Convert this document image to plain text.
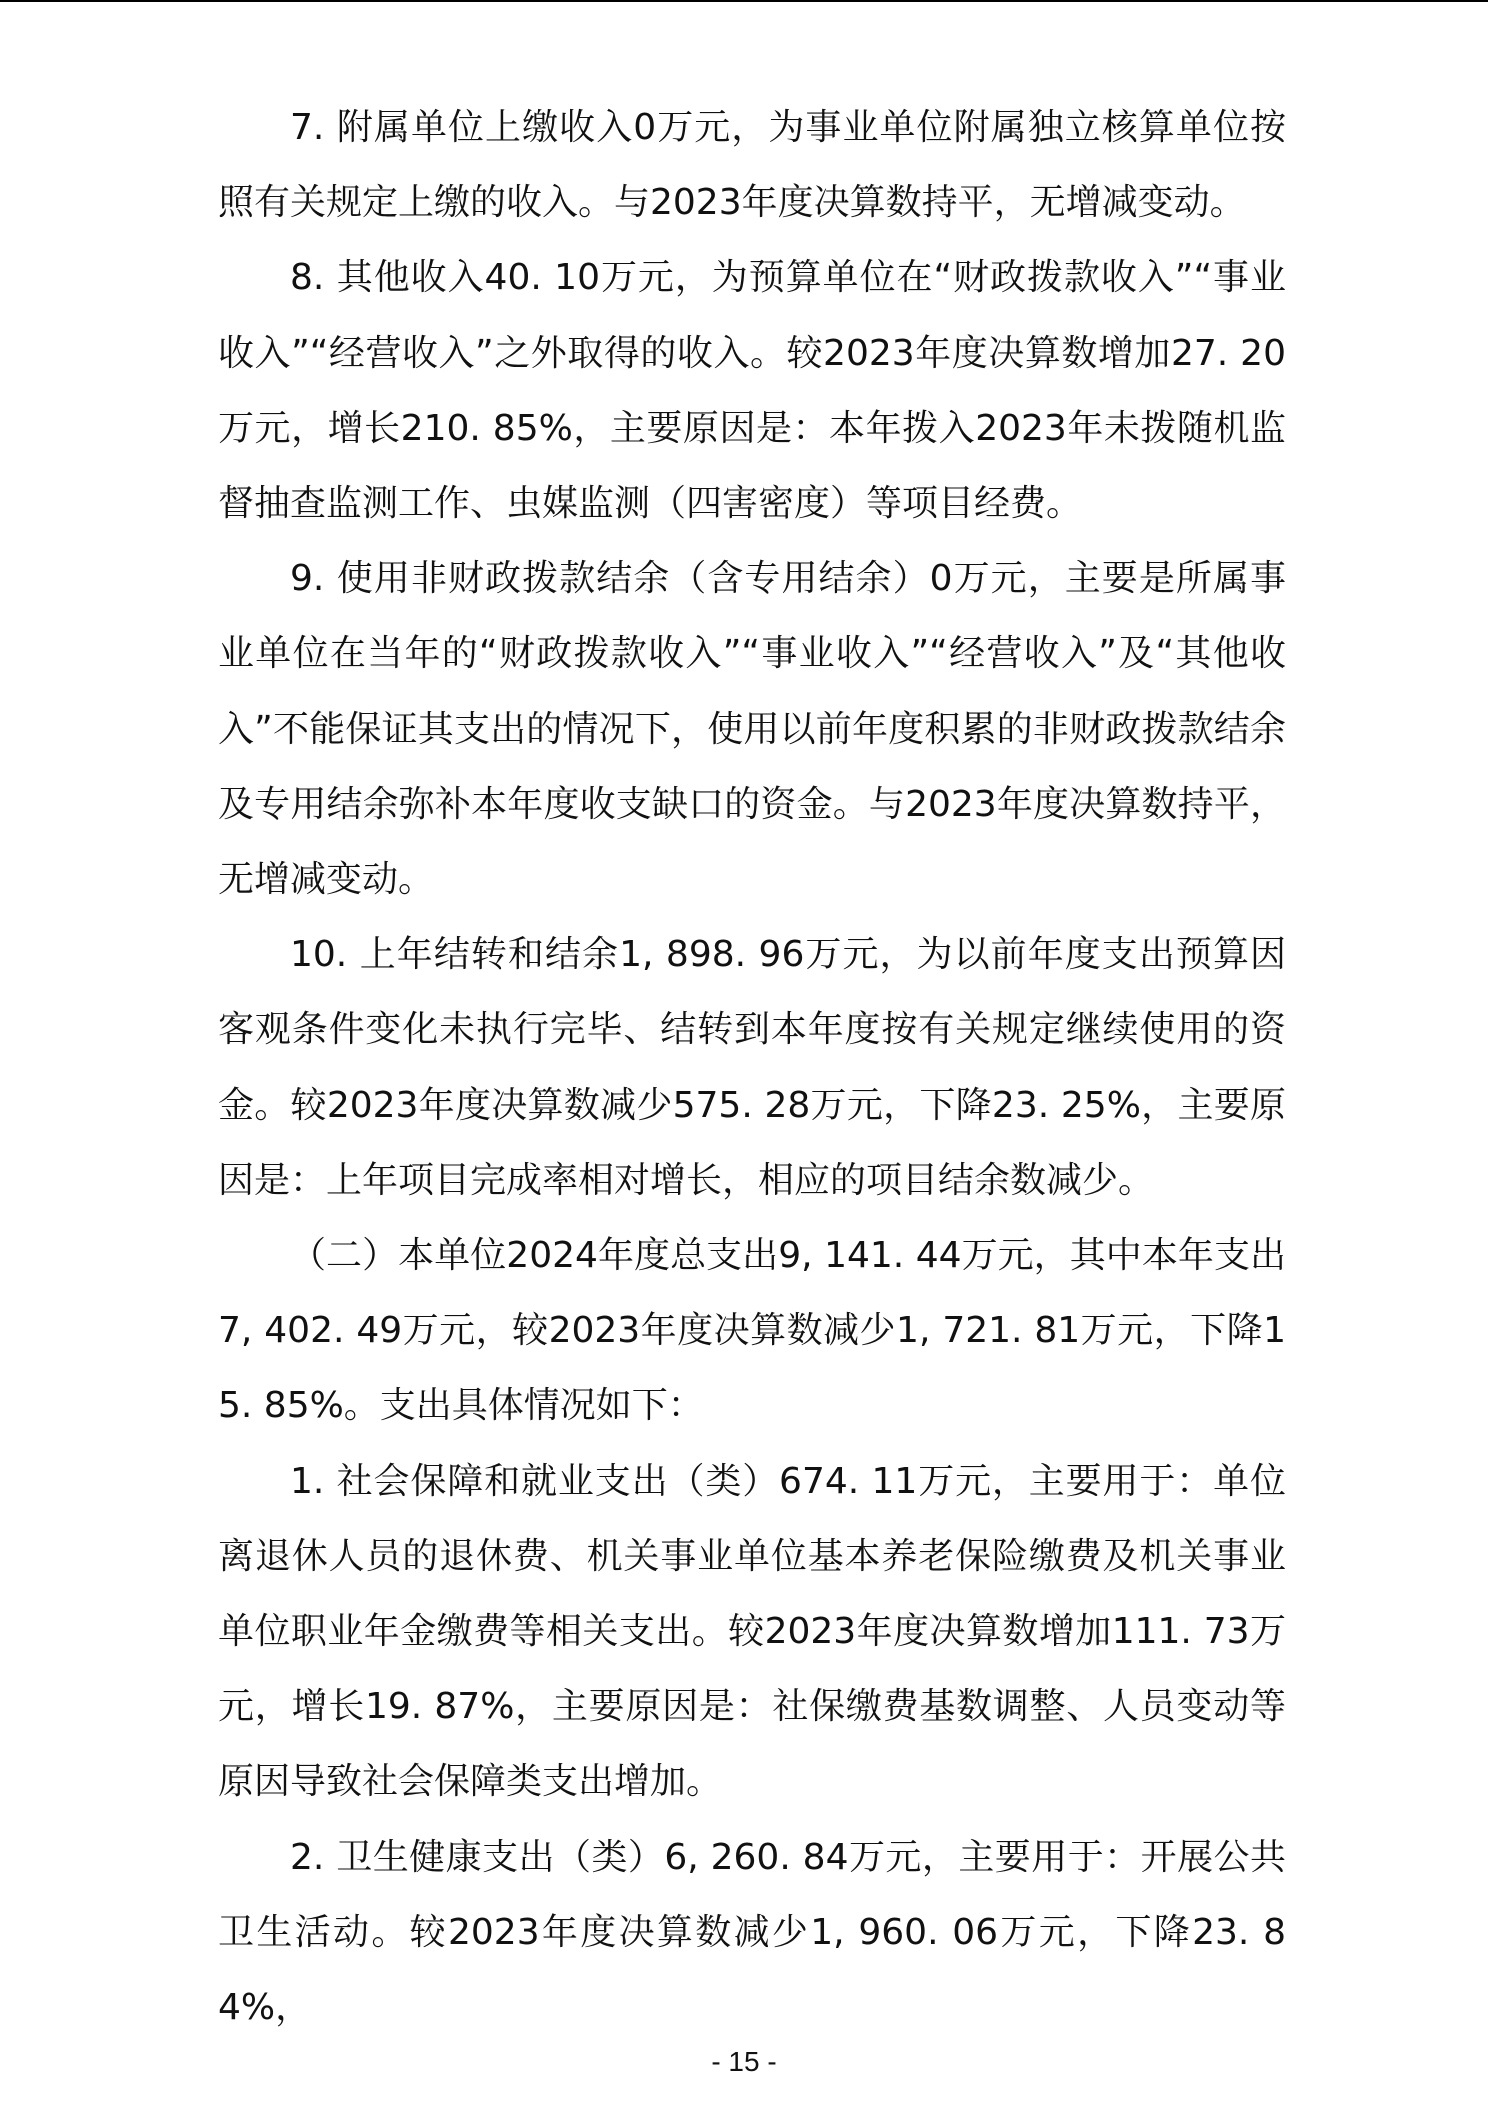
7. 附属单位上缴收入0万元，为事业单位附属独立核算单位按照有关规定上缴的收入。与2023年度决算数持平，无增减变动。

8. 其他收入40. 10万元，为预算单位在“财政拨款收入”“事业收入”“经营收入”之外取得的收入。较2023年度决算数增加27. 20万元，增长210. 85%，主要原因是：本年拨入2023年未拨随机监督抽查监测工作、虫媒监测（四害密度）等项目经费。

9. 使用非财政拨款结余（含专用结余）0万元，主要是所属事业单位在当年的“财政拨款收入”“事业收入”“经营收入”及“其他收入”不能保证其支出的情况下，使用以前年度积累的非财政拨款结余及专用结余弥补本年度收支缺口的资金。与2023年度决算数持平，无增减变动。

10. 上年结转和结余1, 898. 96万元，为以前年度支出预算因客观条件变化未执行完毕、结转到本年度按有关规定继续使用的资金。较2023年度决算数减少575. 28万元，下降23. 25%，主要原因是：上年项目完成率相对增长，相应的项目结余数减少。

（二）本单位2024年度总支出9, 141. 44万元，其中本年支出7, 402. 49万元，较2023年度决算数减少1, 721. 81万元，下降15. 85%。支出具体情况如下：

1. 社会保障和就业支出（类）674. 11万元，主要用于：单位离退休人员的退休费、机关事业单位基本养老保险缴费及机关事业单位职业年金缴费等相关支出。较2023年度决算数增加111. 73万元，增长19. 87%，主要原因是：社保缴费基数调整、人员变动等原因导致社会保障类支出增加。

2. 卫生健康支出（类）6, 260. 84万元，主要用于：开展公共卫生活动。较2023年度决算数减少1, 960. 06万元，下降23. 84%，

- 15 -
